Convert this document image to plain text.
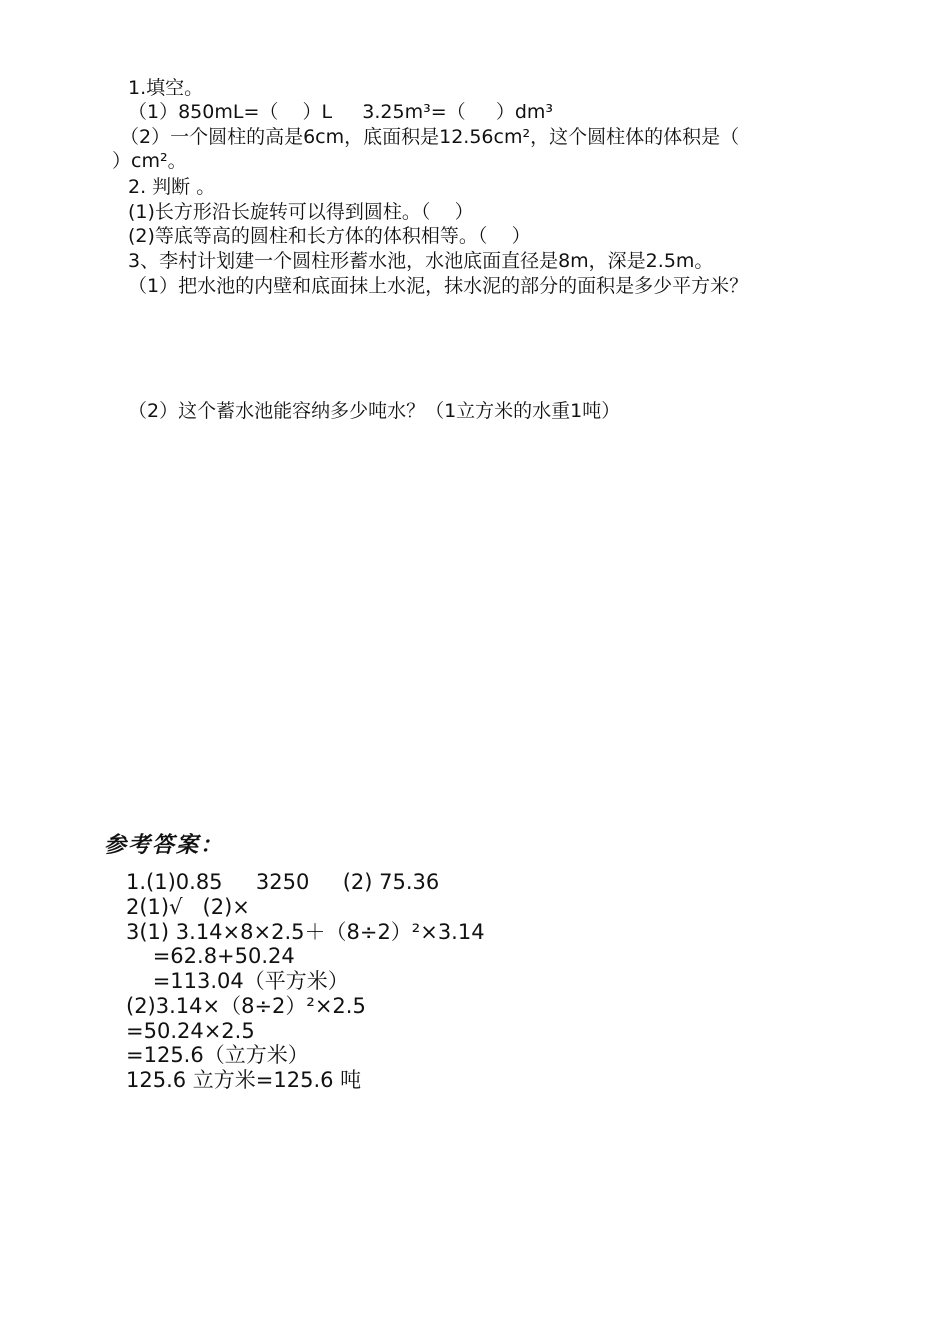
1.填空。
（1）850mL=（    ）L     3.25m³=（     ）dm³
（2）一个圆柱的高是6cm，底面积是12.56cm²，这个圆柱体的体积是（
）cm²。
2. 判断 。
(1)长方形沿长旋转可以得到圆柱。（    ）
(2)等底等高的圆柱和长方体的体积相等。（    ）
3、李村计划建一个圆柱形蓄水池，水池底面直径是8m，深是2.5m。
（1）把水池的内壁和底面抹上水泥，抹水泥的部分的面积是多少平方米？
（2）这个蓄水池能容纳多少吨水？（1立方米的水重1吨）
参考答案：
1.(1)0.85     3250     (2) 75.36
2(1)√   (2)×
3(1) 3.14×8×2.5＋（8÷2）²×3.14
=62.8+50.24
=113.04（平方米）
(2)3.14×（8÷2）²×2.5
=50.24×2.5
=125.6（立方米）
125.6 立方米=125.6 吨
